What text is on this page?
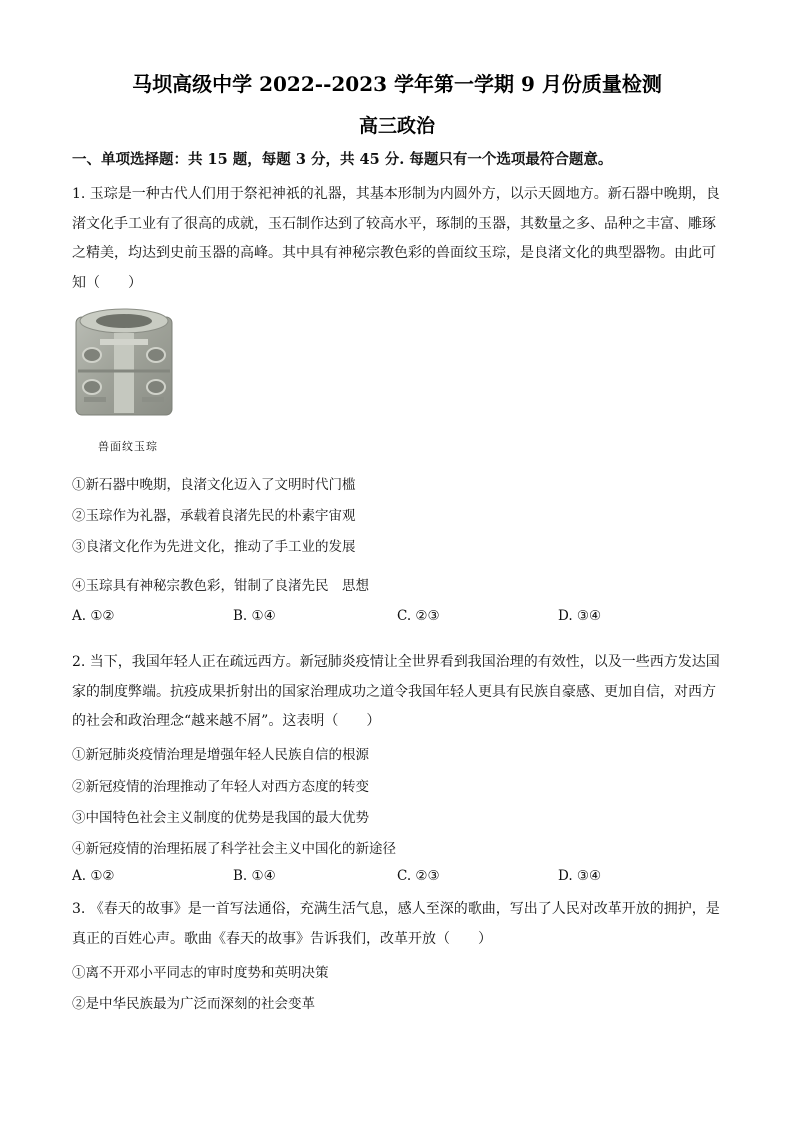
马坝高级中学 2022--2023 学年第一学期 9 月份质量检测
高三政治
一、单项选择题：共 15 题，每题 3 分，共 45 分. 每题只有一个选项最符合题意。
1. 玉琮是一种古代人们用于祭祀神祇的礼器，其基本形制为内圆外方，以示天圆地方。新石器中晚期，良渚文化手工业有了很高的成就，玉石制作达到了较高水平，琢制的玉器，其数量之多、品种之丰富、雕琢之精美，均达到史前玉器的高峰。其中具有神秘宗教色彩的兽面纹玉琮，是良渚文化的典型器物。由此可知（　　）
兽面纹玉琮
①新石器中晚期，良渚文化迈入了文明时代门槛
②玉琮作为礼器，承载着良渚先民的朴素宇宙观
③良渚文化作为先进文化，推动了手工业的发展
④玉琮具有神秘宗教色彩，钳制了良渚先民　思想
A. ①②	B. ①④	C. ②③	D. ③④
2. 当下，我国年轻人正在疏远西方。新冠肺炎疫情让全世界看到我国治理的有效性，以及一些西方发达国家的制度弊端。抗疫成果折射出的国家治理成功之道令我国年轻人更具有民族自豪感、更加自信，对西方的社会和政治理念“越来越不屑”。这表明（　　）
①新冠肺炎疫情治理是增强年轻人民族自信的根源
②新冠疫情的治理推动了年轻人对西方态度的转变
③中国特色社会主义制度的优势是我国的最大优势
④新冠疫情的治理拓展了科学社会主义中国化的新途径
A. ①②	B. ①④	C. ②③	D. ③④
3. 《春天的故事》是一首写法通俗，充满生活气息，感人至深的歌曲，写出了人民对改革开放的拥护，是真正的百姓心声。歌曲《春天的故事》告诉我们，改革开放（　　）
①离不开邓小平同志的审时度势和英明决策
②是中华民族最为广泛而深刻的社会变革
